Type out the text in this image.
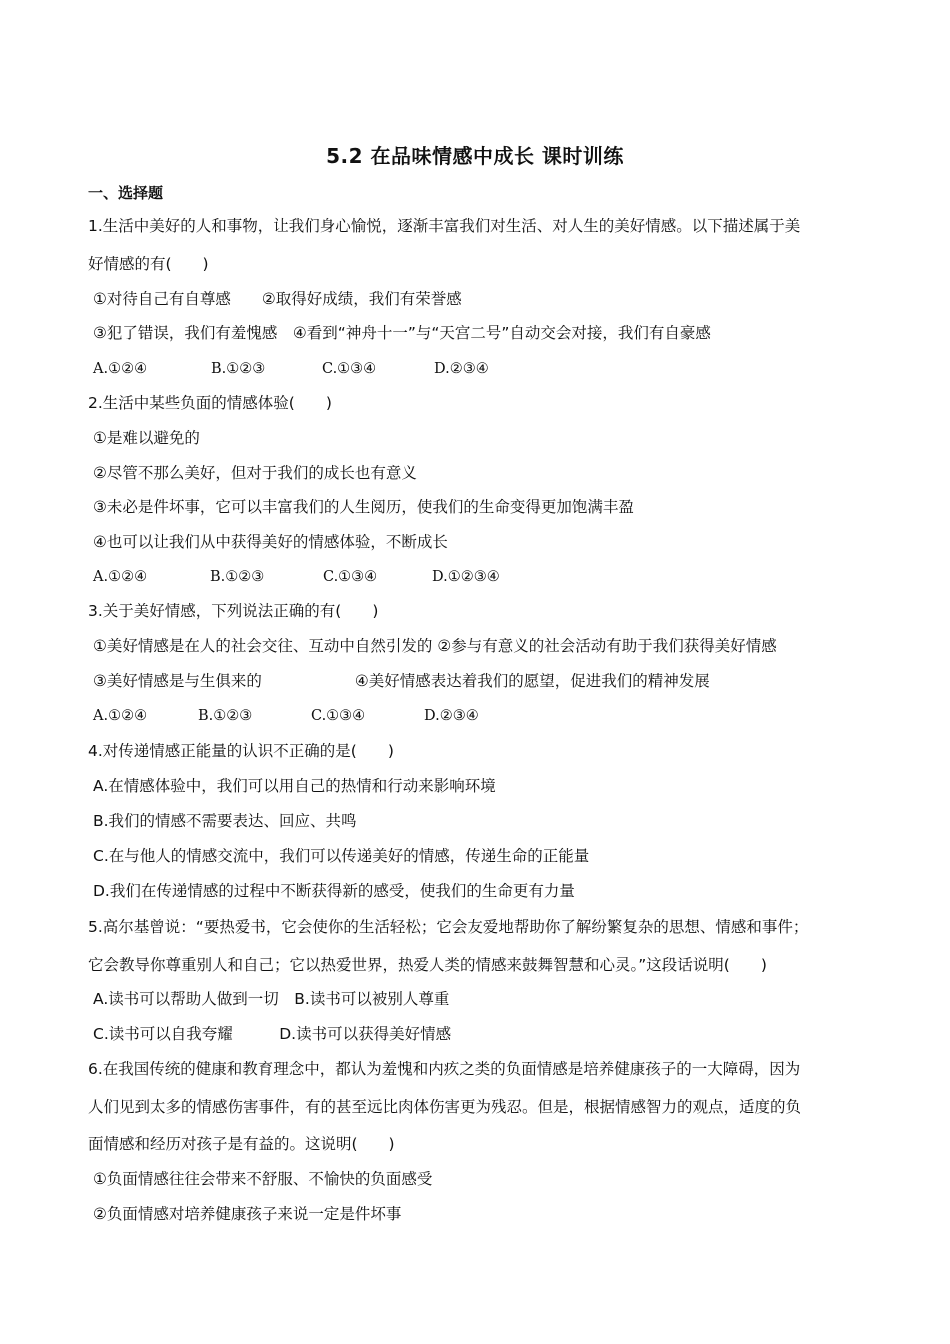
5.2 在品味情感中成长 课时训练
一、选择题
1.生活中美好的人和事物，让我们身心愉悦，逐渐丰富我们对生活、对人生的美好情感。以下描述属于美
好情感的有(　　)
①对待自己有自尊感　　②取得好成绩，我们有荣誉感
③犯了错误，我们有羞愧感　④看到“神舟十一”与“天宫二号”自动交会对接，我们有自豪感
A.①②④	B.①②③	C.①③④	D.②③④
2.生活中某些负面的情感体验(　　)
①是难以避免的
②尽管不那么美好，但对于我们的成长也有意义
③未必是件坏事，它可以丰富我们的人生阅历，使我们的生命变得更加饱满丰盈
④也可以让我们从中获得美好的情感体验，不断成长
A.①②④	B.①②③	C.①③④	D.①②③④
3.关于美好情感，下列说法正确的有(　　)
①美好情感是在人的社会交往、互动中自然引发的 ②参与有意义的社会活动有助于我们获得美好情感
③美好情感是与生俱来的　　　　　　④美好情感表达着我们的愿望，促进我们的精神发展
A.①②④	B.①②③	C.①③④	D.②③④
4.对传递情感正能量的认识不正确的是(　　)
A.在情感体验中，我们可以用自己的热情和行动来影响环境
B.我们的情感不需要表达、回应、共鸣
C.在与他人的情感交流中，我们可以传递美好的情感，传递生命的正能量
D.我们在传递情感的过程中不断获得新的感受，使我们的生命更有力量
5.高尔基曾说：“要热爱书，它会使你的生活轻松；它会友爱地帮助你了解纷繁复杂的思想、情感和事件；
它会教导你尊重别人和自己；它以热爱世界，热爱人类的情感来鼓舞智慧和心灵。”这段话说明(　　)
A.读书可以帮助人做到一切　B.读书可以被别人尊重
C.读书可以自我夸耀　　　D.读书可以获得美好情感
6.在我国传统的健康和教育理念中，都认为羞愧和内疚之类的负面情感是培养健康孩子的一大障碍，因为
人们见到太多的情感伤害事件，有的甚至远比肉体伤害更为残忍。但是，根据情感智力的观点，适度的负
面情感和经历对孩子是有益的。这说明(　　)
①负面情感往往会带来不舒服、不愉快的负面感受
②负面情感对培养健康孩子来说一定是件坏事
